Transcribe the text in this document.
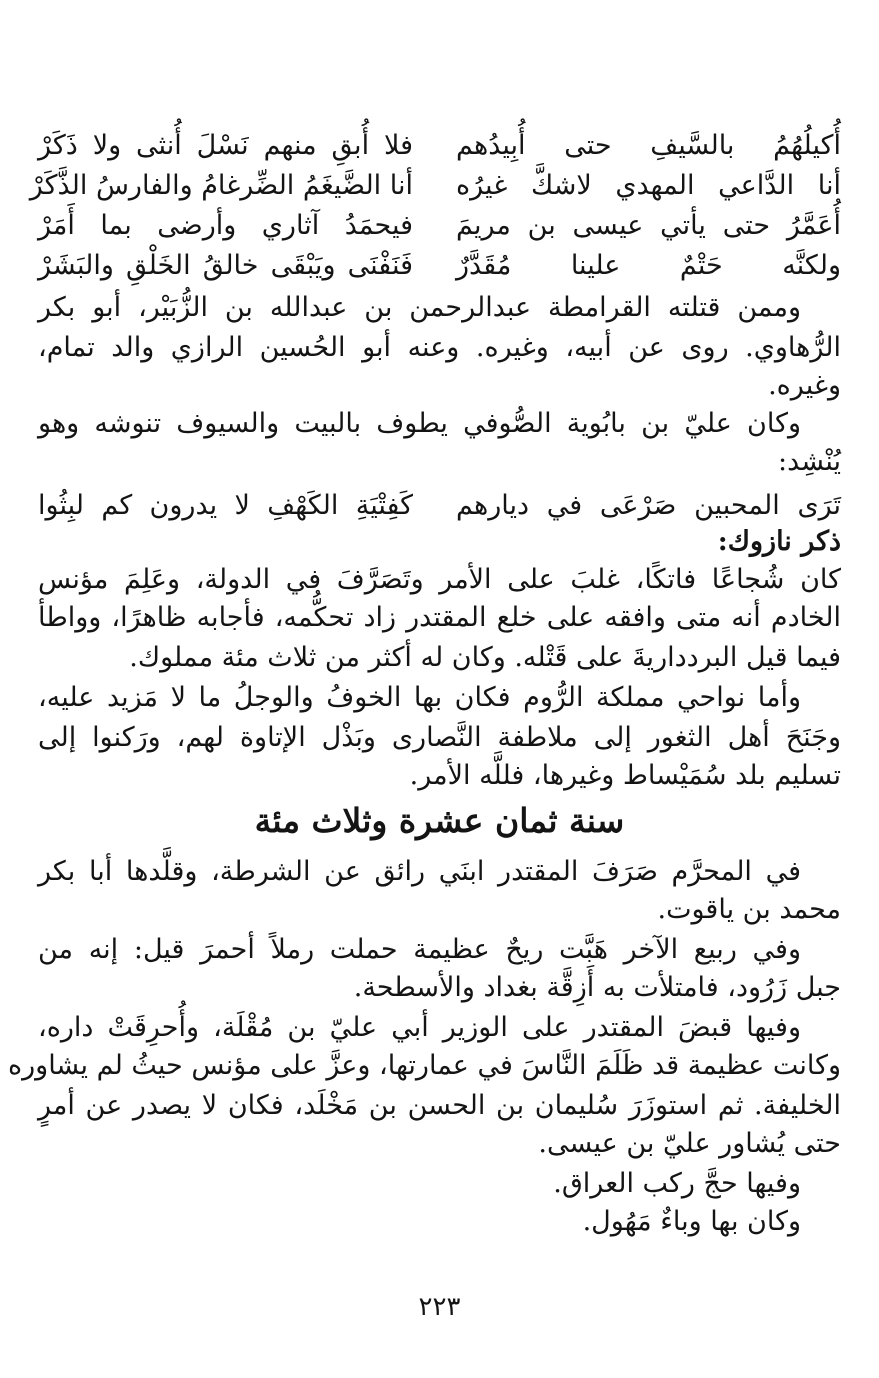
أُكيلُهُمُ بالسَّيفِ حتى أُبِيدُهم
فلا أُبقِ منهم نَسْلَ أُنثى ولا ذَكَرْ
أنا الدَّاعي المهدي لاشكَّ غيرُه
أنا الضَّيغَمُ الضِّرغامُ والفارسُ الذَّكَرْ
أُعَمَّرُ حتى يأتي عيسى بن مريمَ
فيحمَدُ آثاري وأرضى بما أَمَرْ
ولكنَّه حَتْمٌ علينا مُقَدَّرٌ
فَنَفْنَى ويَبْقَى خالقُ الخَلْقِ والبَشَرْ
وممن قتلته القرامطة عبدالرحمن بن عبدالله بن الزُّبَيْر، أبو بكر
الرُّهاوي. روى عن أبيه، وغيره. وعنه أبو الحُسين الرازي والد تمام،
وغيره.
وكان عليّ بن بابُوية الصُّوفي يطوف بالبيت والسيوف تنوشه وهو
يُنْشِد:
تَرَى المحبين صَرْعَى في ديارهم
كَفِتْيَةِ الكَهْفِ لا يدرون كم لبِثُوا
ذكر نازوك:
كان شُجاعًا فاتكًا، غلبَ على الأمر وتَصَرَّفَ في الدولة، وعَلِمَ مؤنس
الخادم أنه متى وافقه على خلع المقتدر زاد تحكُّمه، فأجابه ظاهرًا، وواطأ
فيما قيل البردداريةَ على قَتْله. وكان له أكثر من ثلاث مئة مملوك.
وأما نواحي مملكة الرُّوم فكان بها الخوفُ والوجلُ ما لا مَزيد عليه،
وجَنَحَ أهل الثغور إلى ملاطفة النَّصارى وبَذْل الإتاوة لهم، ورَكنوا إلى
تسليم بلد سُمَيْساط وغيرها، فللَّه الأمر.
سنة ثمان عشرة وثلاث مئة
في المحرَّم صَرَفَ المقتدر ابنَي رائق عن الشرطة، وقلَّدها أبا بكر
محمد بن ياقوت.
وفي ربيع الآخر هَبَّت ريحٌ عظيمة حملت رملاً أحمرَ قيل: إنه من
جبل زَرُود، فامتلأت به أَزِقَّة بغداد والأسطحة.
وفيها قبضَ المقتدر على الوزير أبي عليّ بن مُقْلَة، وأُحرِقَتْ داره،
وكانت عظيمة قد ظَلَمَ النَّاسَ في عمارتها، وعزَّ على مؤنس حيثُ لم يشاوره
الخليفة. ثم استوزَرَ سُليمان بن الحسن بن مَخْلَد، فكان لا يصدر عن أمرٍ
حتى يُشاور عليّ بن عيسى.
وفيها حجَّ ركب العراق.
وكان بها وباءٌ مَهُول.
٢٢٣
